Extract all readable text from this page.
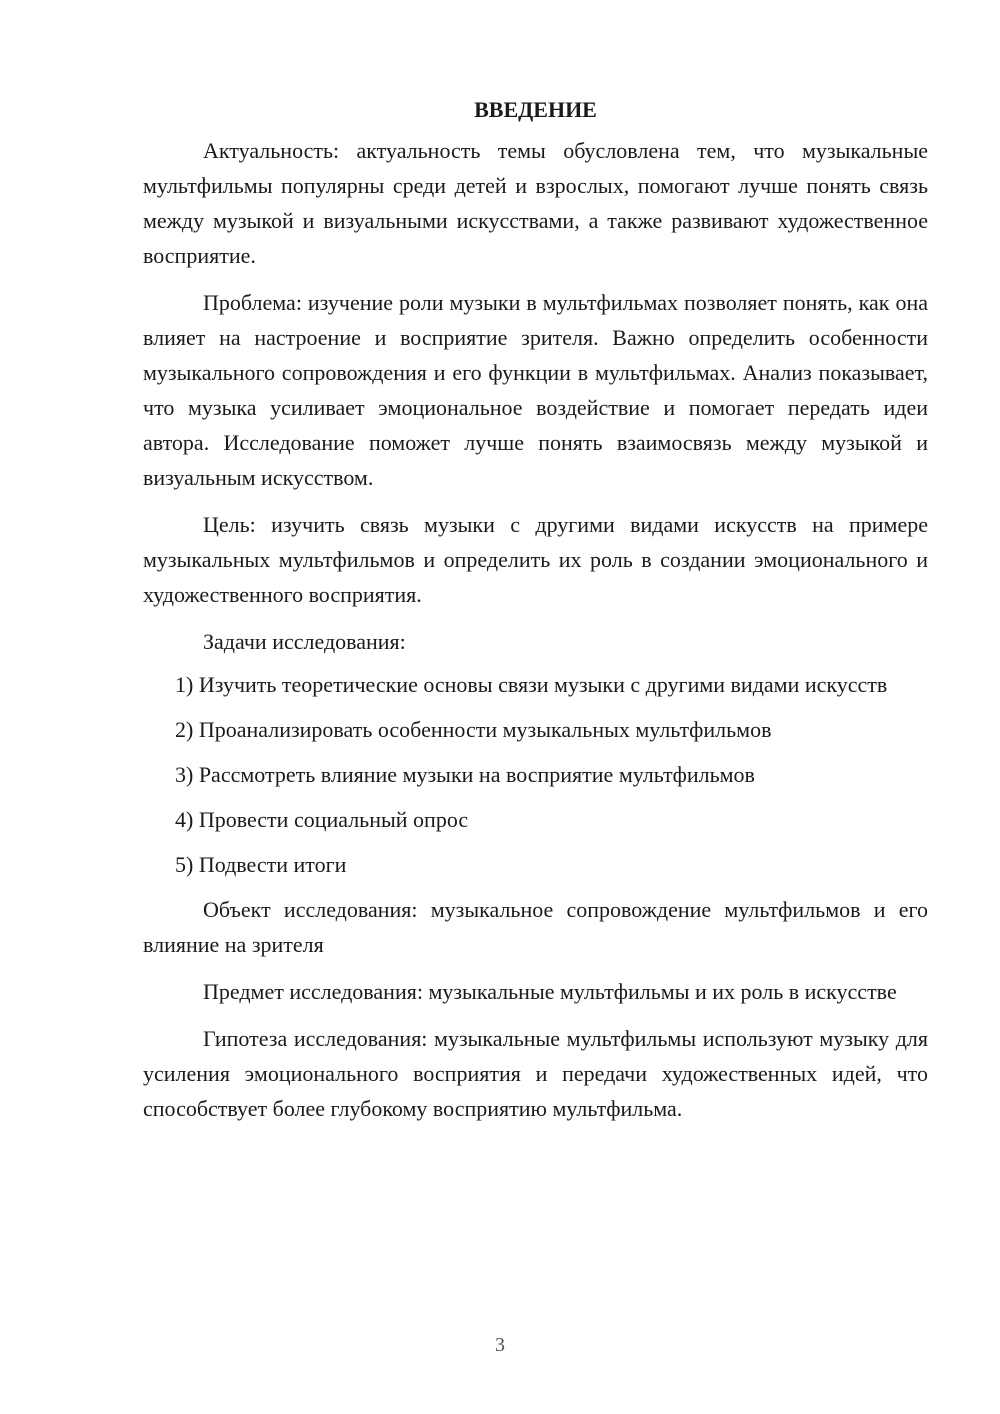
ВВЕДЕНИЕ

Актуальность: актуальность темы обусловлена тем, что музыкальные мультфильмы популярны среди детей и взрослых, помогают лучше понять связь между музыкой и визуальными искусствами, а также развивают художественное восприятие.

Проблема: изучение роли музыки в мультфильмах позволяет понять, как она влияет на настроение и восприятие зрителя. Важно определить особенности музыкального сопровождения и его функции в мультфильмах. Анализ показывает, что музыка усиливает эмоциональное воздействие и помогает передать идеи автора. Исследование поможет лучше понять взаимосвязь между музыкой и визуальным искусством.

Цель: изучить связь музыки с другими видами искусств на примере музыкальных мультфильмов и определить их роль в создании эмоционального и художественного восприятия.

Задачи исследования:

1) Изучить теоретические основы связи музыки с другими видами искусств

2) Проанализировать особенности музыкальных мультфильмов

3) Рассмотреть влияние музыки на восприятие мультфильмов

4) Провести социальный опрос

5) Подвести итоги

Объект исследования: музыкальное сопровождение мультфильмов и его влияние на зрителя

Предмет исследования: музыкальные мультфильмы и их роль в искусстве

Гипотеза исследования: музыкальные мультфильмы используют музыку для усиления эмоционального восприятия и передачи художественных идей, что способствует более глубокому восприятию мультфильма.

3
